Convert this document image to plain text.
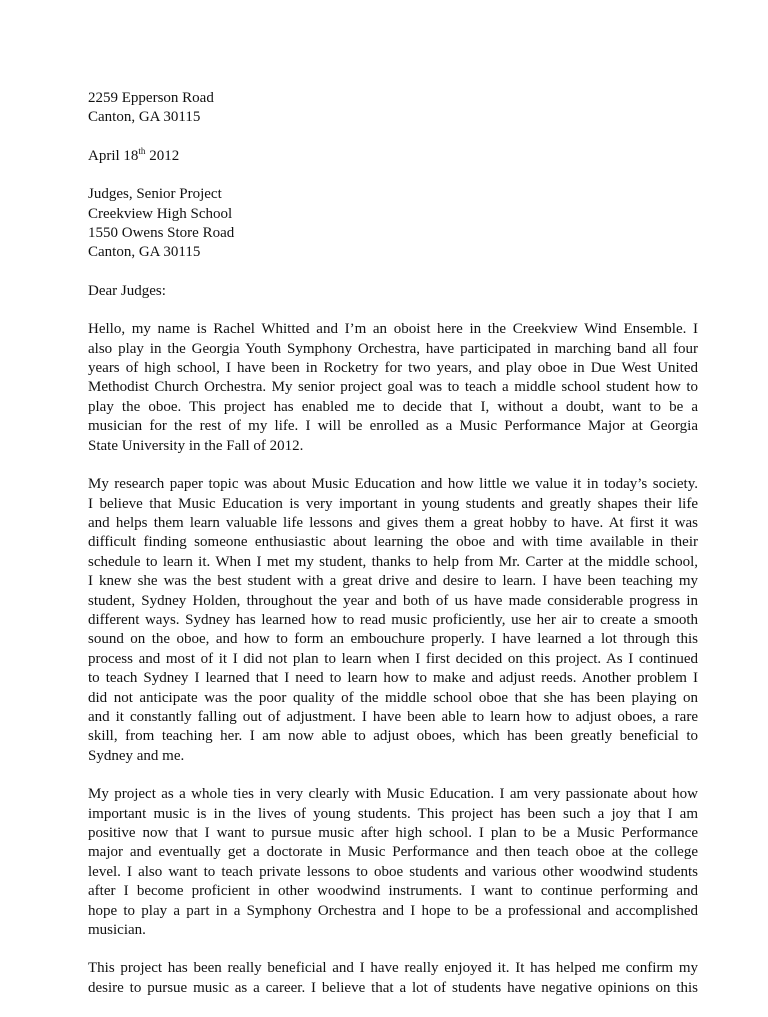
2259 Epperson Road
Canton, GA 30115
April 18th 2012
Judges, Senior Project
Creekview High School
1550 Owens Store Road
Canton, GA 30115
Dear Judges:
Hello, my name is Rachel Whitted and I’m an oboist here in the Creekview Wind Ensemble. I
also play in the Georgia Youth Symphony Orchestra, have participated in marching band all four
years of high school, I have been in Rocketry for two years, and play oboe in Due West United
Methodist Church Orchestra. My senior project goal was to teach a middle school student how to
play the oboe. This project has enabled me to decide that I, without a doubt, want to be a
musician for the rest of my life. I will be enrolled as a Music Performance Major at Georgia
State University in the Fall of 2012.
My research paper topic was about Music Education and how little we value it in today’s society.
I believe that Music Education is very important in young students and greatly shapes their life
and helps them learn valuable life lessons and gives them a great hobby to have. At first it was
difficult finding someone enthusiastic about learning the oboe and with time available in their
schedule to learn it. When I met my student, thanks to help from Mr. Carter at the middle school,
I knew she was the best student with a great drive and desire to learn. I have been teaching my
student, Sydney Holden, throughout the year and both of us have made considerable progress in
different ways. Sydney has learned how to read music proficiently, use her air to create a smooth
sound on the oboe, and how to form an embouchure properly. I have learned a lot through this
process and most of it I did not plan to learn when I first decided on this project. As I continued
to teach Sydney I learned that I need to learn how to make and adjust reeds. Another problem I
did not anticipate was the poor quality of the middle school oboe that she has been playing on
and it constantly falling out of adjustment. I have been able to learn how to adjust oboes, a rare
skill, from teaching her. I am now able to adjust oboes, which has been greatly beneficial to
Sydney and me.
My project as a whole ties in very clearly with Music Education. I am very passionate about how
important music is in the lives of young students. This project has been such a joy that I am
positive now that I want to pursue music after high school. I plan to be a Music Performance
major and eventually get a doctorate in Music Performance and then teach oboe at the college
level. I also want to teach private lessons to oboe students and various other woodwind students
after I become proficient in other woodwind instruments. I want to continue performing and
hope to play a part in a Symphony Orchestra and I hope to be a professional and accomplished
musician.
This project has been really beneficial and I have really enjoyed it. It has helped me confirm my
desire to pursue music as a career. I believe that a lot of students have negative opinions on this
